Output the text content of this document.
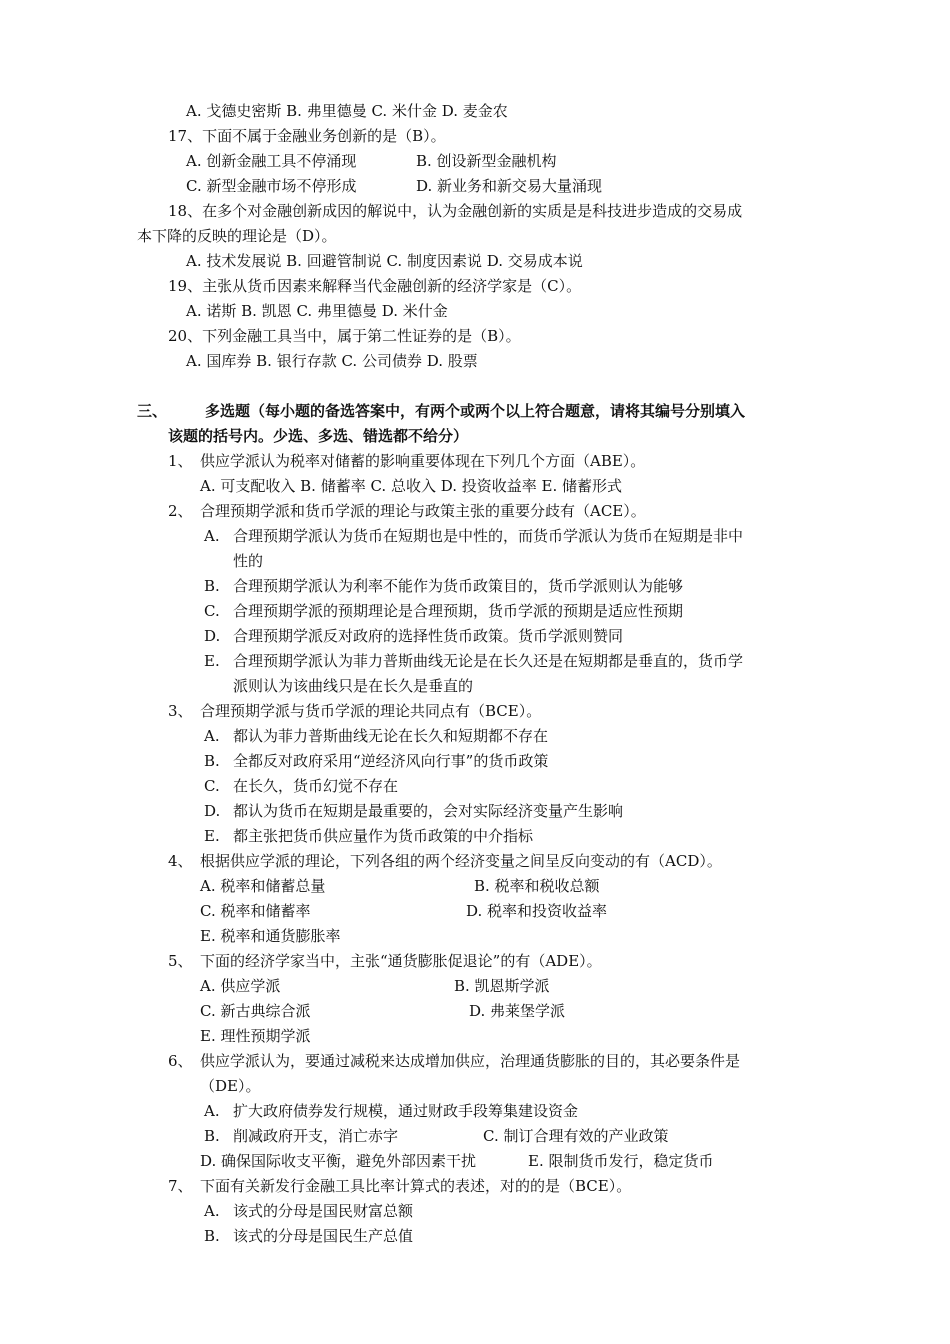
A. 戈德史密斯 B. 弗里德曼 C. 米什金 D. 麦金农
17、下面不属于金融业务创新的是（B）。
A. 创新金融工具不停涌现	B. 创设新型金融机构
C. 新型金融市场不停形成	D. 新业务和新交易大量涌现
18、在多个对金融创新成因的解说中，认为金融创新的实质是是科技进步造成的交易成
本下降的反映的理论是（D）。
A. 技术发展说 B. 回避管制说 C. 制度因素说 D. 交易成本说
19、主张从货币因素来解释当代金融创新的经济学家是（C）。
A. 诺斯 B. 凯恩 C. 弗里德曼 D. 米什金
20、下列金融工具当中，属于第二性证券的是（B）。
A. 国库券 B. 银行存款 C. 公司债券 D. 股票
三、	多选题（每小题的备选答案中，有两个或两个以上符合题意，请将其编号分别填入
该题的括号内。少选、多选、错选都不给分）
1、 供应学派认为税率对储蓄的影响重要体现在下列几个方面（ABE）。
A. 可支配收入 B. 储蓄率 C. 总收入 D. 投资收益率 E. 储蓄形式
2、 合理预期学派和货币学派的理论与政策主张的重要分歧有（ACE）。
A. 合理预期学派认为货币在短期也是中性的，而货币学派认为货币在短期是非中
性的
B. 合理预期学派认为利率不能作为货币政策目的，货币学派则认为能够
C. 合理预期学派的预期理论是合理预期，货币学派的预期是适应性预期
D. 合理预期学派反对政府的选择性货币政策。货币学派则赞同
E. 合理预期学派认为菲力普斯曲线无论是在长久还是在短期都是垂直的，货币学
派则认为该曲线只是在长久是垂直的
3、 合理预期学派与货币学派的理论共同点有（BCE）。
A. 都认为菲力普斯曲线无论在长久和短期都不存在
B. 全都反对政府采用“逆经济风向行事”的货币政策
C. 在长久，货币幻觉不存在
D. 都认为货币在短期是最重要的，会对实际经济变量产生影响
E. 都主张把货币供应量作为货币政策的中介指标
4、 根据供应学派的理论，下列各组的两个经济变量之间呈反向变动的有（ACD）。
A. 税率和储蓄总量	B. 税率和税收总额
C. 税率和储蓄率	D. 税率和投资收益率
E. 税率和通货膨胀率
5、 下面的经济学家当中，主张“通货膨胀促退论”的有（ADE）。
A. 供应学派	B. 凯恩斯学派
C. 新古典综合派	D. 弗莱堡学派
E. 理性预期学派
6、 供应学派认为，要通过减税来达成增加供应，治理通货膨胀的目的，其必要条件是
（DE）。
A. 扩大政府债券发行规模，通过财政手段筹集建设资金
B. 削减政府开支，消亡赤字	C. 制订合理有效的产业政策
D. 确保国际收支平衡，避免外部因素干扰	E. 限制货币发行，稳定货币
7、 下面有关新发行金融工具比率计算式的表述，对的的是（BCE）。
A. 该式的分母是国民财富总额
B. 该式的分母是国民生产总值
